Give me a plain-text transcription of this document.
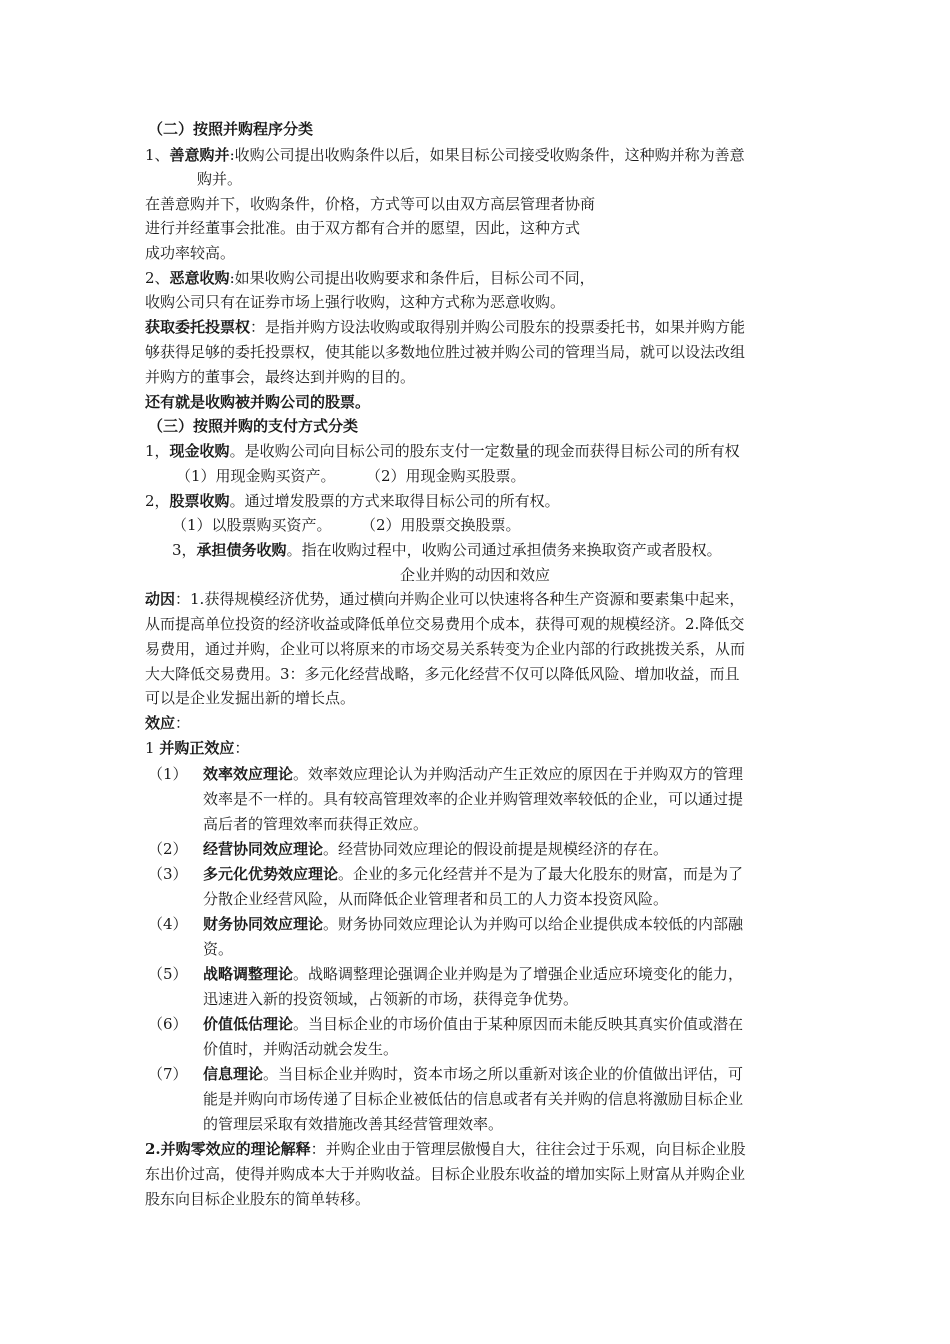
（二）按照并购程序分类
1、善意购并:收购公司提出收购条件以后，如果目标公司接受收购条件，这种购并称为善意
购并。
在善意购并下，收购条件，价格，方式等可以由双方高层管理者协商
进行并经董事会批准。由于双方都有合并的愿望，因此，这种方式
成功率较高。
2、恶意收购:如果收购公司提出收购要求和条件后，目标公司不同，
收购公司只有在证券市场上强行收购，这种方式称为恶意收购。
获取委托投票权：是指并购方设法收购或取得别并购公司股东的投票委托书，如果并购方能
够获得足够的委托投票权，使其能以多数地位胜过被并购公司的管理当局，就可以设法改组
并购方的董事会，最终达到并购的目的。
还有就是收购被并购公司的股票。
（三）按照并购的支付方式分类
1，现金收购。是收购公司向目标公司的股东支付一定数量的现金而获得目标公司的所有权
（1）用现金购买资产。 （2）用现金购买股票。
2，股票收购。通过增发股票的方式来取得目标公司的所有权。
（1）以股票购买资产。 （2）用股票交换股票。
3，承担债务收购。指在收购过程中，收购公司通过承担债务来换取资产或者股权。
企业并购的动因和效应
动因：1.获得规模经济优势，通过横向并购企业可以快速将各种生产资源和要素集中起来，
从而提高单位投资的经济收益或降低单位交易费用个成本，获得可观的规模经济。2.降低交
易费用，通过并购，企业可以将原来的市场交易关系转变为企业内部的行政挑拨关系，从而
大大降低交易费用。3：多元化经营战略，多元化经营不仅可以降低风险、增加收益，而且
可以是企业发掘出新的增长点。
效应：
1 并购正效应：
（1） 效率效应理论。效率效应理论认为并购活动产生正效应的原因在于并购双方的管理
效率是不一样的。具有较高管理效率的企业并购管理效率较低的企业，可以通过提
高后者的管理效率而获得正效应。
（2） 经营协同效应理论。经营协同效应理论的假设前提是规模经济的存在。
（3） 多元化优势效应理论。企业的多元化经营并不是为了最大化股东的财富，而是为了
分散企业经营风险，从而降低企业管理者和员工的人力资本投资风险。
（4） 财务协同效应理论。财务协同效应理论认为并购可以给企业提供成本较低的内部融
资。
（5） 战略调整理论。战略调整理论强调企业并购是为了增强企业适应环境变化的能力，
迅速进入新的投资领域，占领新的市场，获得竞争优势。
（6） 价值低估理论。当目标企业的市场价值由于某种原因而未能反映其真实价值或潜在
价值时，并购活动就会发生。
（7） 信息理论。当目标企业并购时，资本市场之所以重新对该企业的价值做出评估，可
能是并购向市场传递了目标企业被低估的信息或者有关并购的信息将激励目标企业
的管理层采取有效措施改善其经营管理效率。
2.并购零效应的理论解释：并购企业由于管理层傲慢自大，往往会过于乐观，向目标企业股
东出价过高，使得并购成本大于并购收益。目标企业股东收益的增加实际上财富从并购企业
股东向目标企业股东的简单转移。
